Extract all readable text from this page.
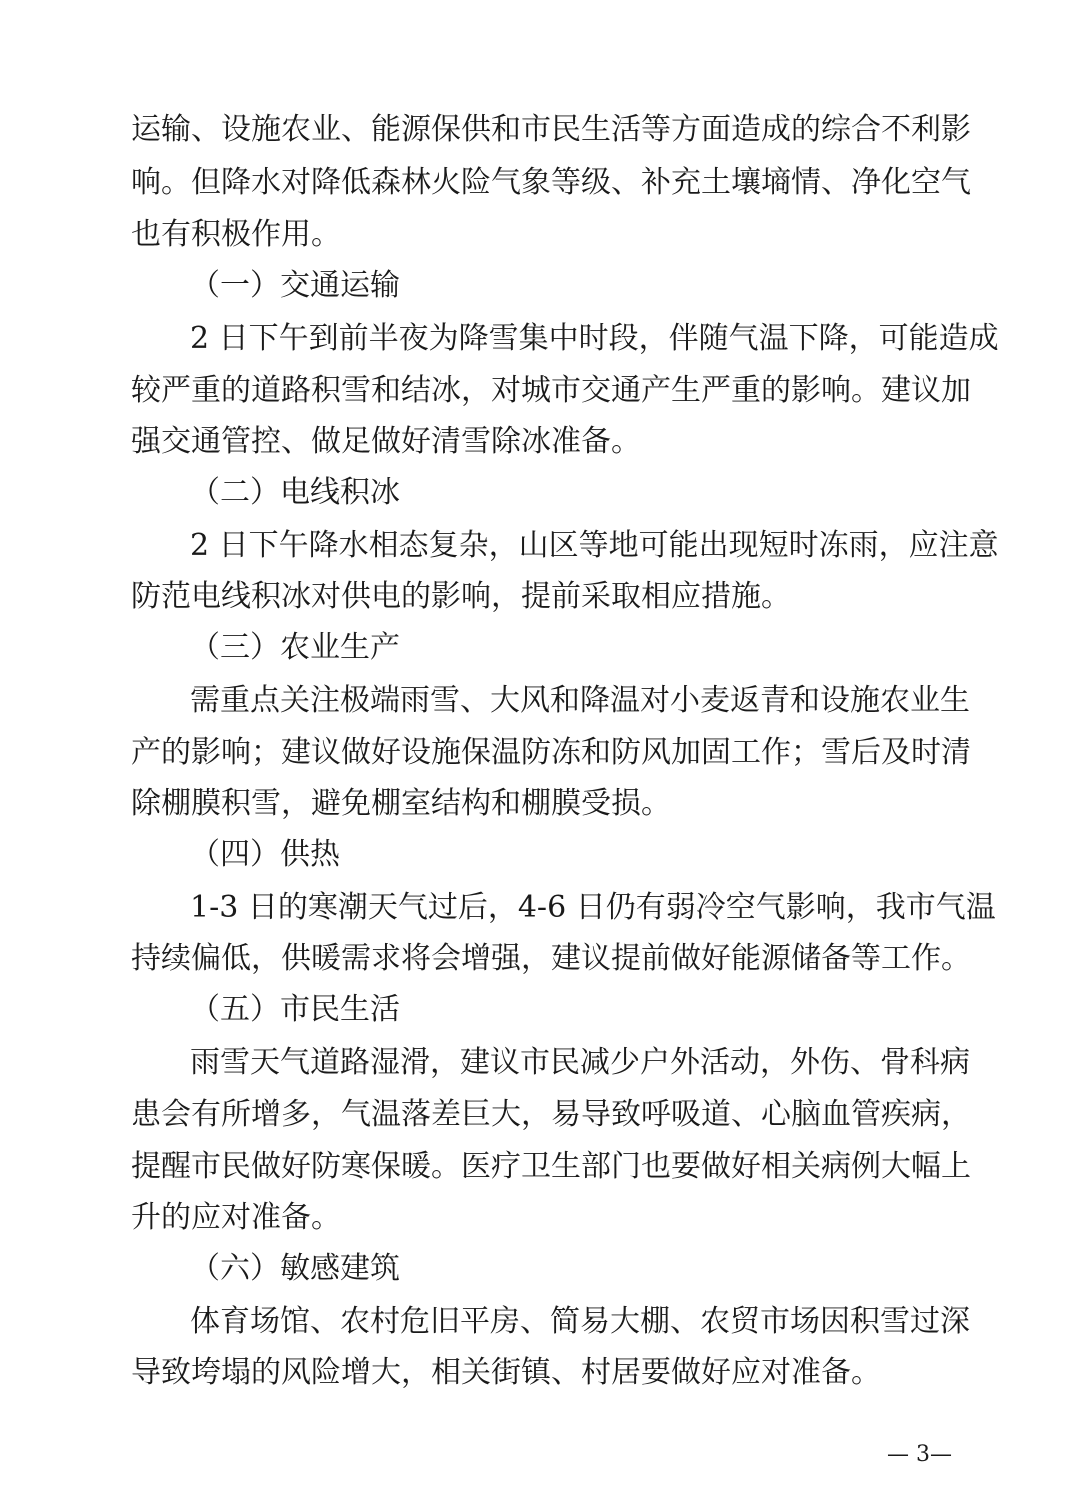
运输、设施农业、能源保供和市民生活等方面造成的综合不利影
响。但降水对降低森林火险气象等级、补充土壤墒情、净化空气
也有积极作用。
（一）交通运输
2 日下午到前半夜为降雪集中时段，伴随气温下降，可能造成
较严重的道路积雪和结冰，对城市交通产生严重的影响。建议加
强交通管控、做足做好清雪除冰准备。
（二）电线积冰
2 日下午降水相态复杂，山区等地可能出现短时冻雨，应注意
防范电线积冰对供电的影响，提前采取相应措施。
（三）农业生产
需重点关注极端雨雪、大风和降温对小麦返青和设施农业生
产的影响；建议做好设施保温防冻和防风加固工作；雪后及时清
除棚膜积雪，避免棚室结构和棚膜受损。
（四）供热
1-3 日的寒潮天气过后，4-6 日仍有弱冷空气影响，我市气温
持续偏低，供暖需求将会增强，建议提前做好能源储备等工作。
（五）市民生活
雨雪天气道路湿滑，建议市民减少户外活动，外伤、骨科病
患会有所增多，气温落差巨大，易导致呼吸道、心脑血管疾病，
提醒市民做好防寒保暖。医疗卫生部门也要做好相关病例大幅上
升的应对准备。
（六）敏感建筑
体育场馆、农村危旧平房、简易大棚、农贸市场因积雪过深
导致垮塌的风险增大，相关街镇、村居要做好应对准备。
— 3—
